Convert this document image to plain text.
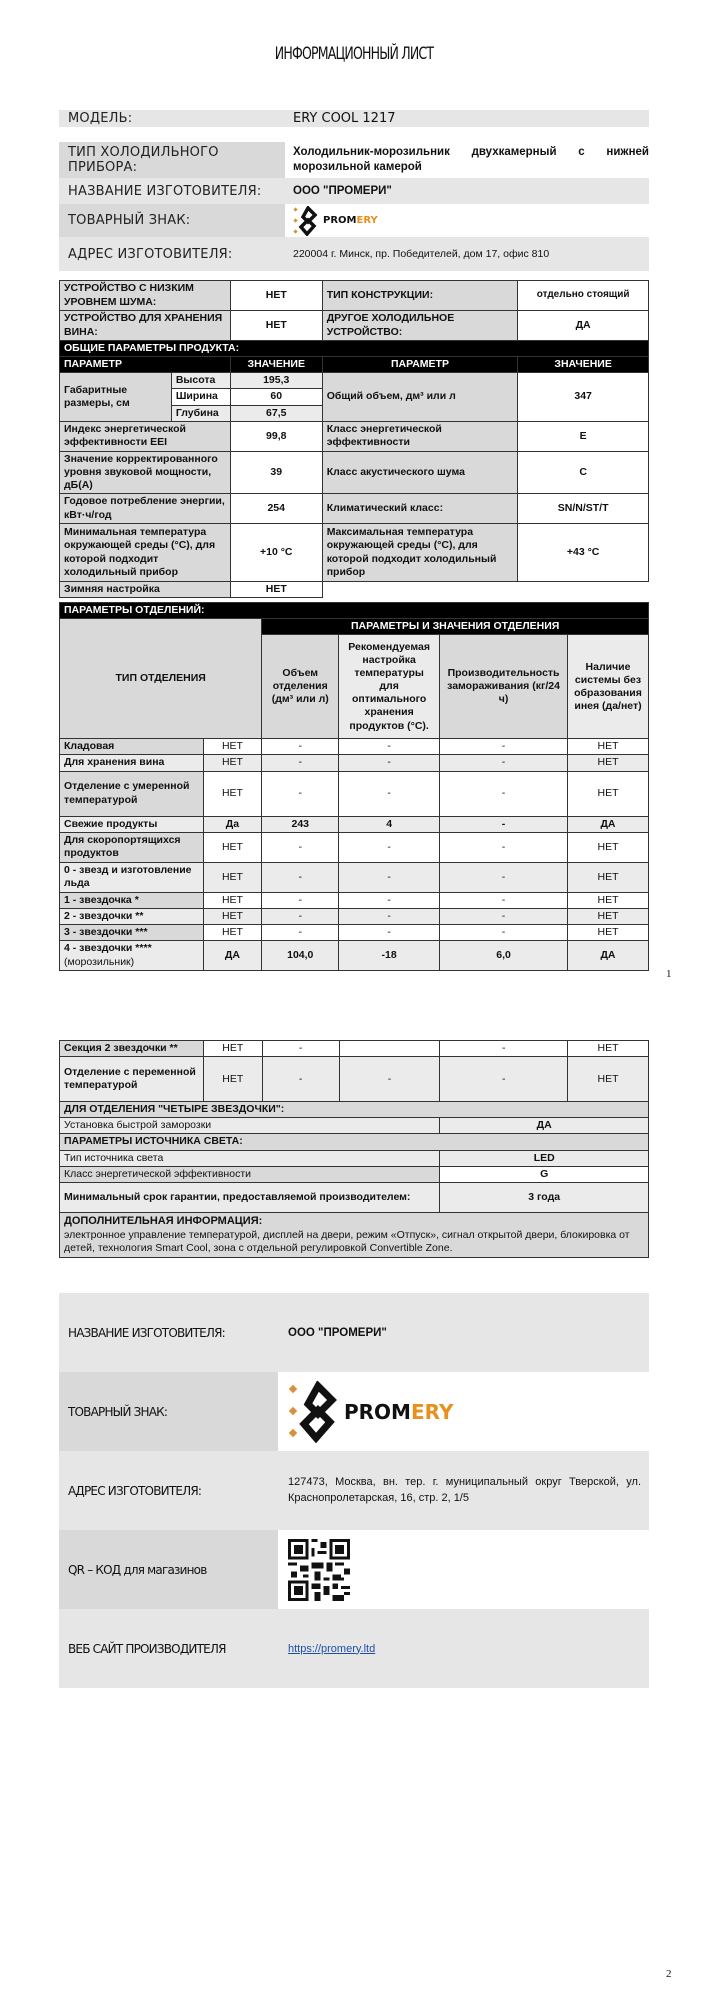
ИНФОРМАЦИОННЫЙ ЛИСТ
МОДЕЛЬ:	ERY COOL 1217
ТИП ХОЛОДИЛЬНОГО ПРИБОРА:
Холодильник-морозильник двухкамерный с нижней морозильной камерой
НАЗВАНИЕ ИЗГОТОВИТЕЛЯ:	ООО "ПРОМЕРИ"
ТОВАРНЫЙ ЗНАК:	PROMERY
АДРЕС ИЗГОТОВИТЕЛЯ:	220004 г. Минск, пр. Победителей, дом 17, офис 810
УСТРОЙСТВО С НИЗКИМ УРОВНЕМ ШУМА:		НЕТ	ТИП КОНСТРУКЦИИ:	отдельно стоящий
УСТРОЙСТВО ДЛЯ ХРАНЕНИЯ ВИНА:		НЕТ	ДРУГОЕ ХОЛОДИЛЬНОЕ УСТРОЙСТВО:	ДА
ОБЩИЕ ПАРАМЕТРЫ ПРОДУКТА:				
ПАРАМЕТР		ЗНАЧЕНИЕ	ПАРАМЕТР	ЗНАЧЕНИЕ
Габаритные размеры, см	Высота	195,3	Общий объем, дм³ или л	347
	Ширина	60		
	Глубина	67,5		
Индекс энергетической эффективности EEI		99,8	Класс энергетической эффективности	E
Значение корректированного уровня звуковой мощности, дБ(А)		39	Класс акустического шума	C
Годовое потребление энергии, кВт·ч/год		254	Климатический класс:	SN/N/ST/T
Минимальная температура окружающей среды (°C), для которой подходит холодильный прибор		+10 °C	Максимальная температура окружающей среды (°C), для которой подходит холодильный прибор	+43 °C
Зимняя настройка		НЕТ		
ПАРАМЕТРЫ ОТДЕЛЕНИЙ:					
ТИП ОТДЕЛЕНИЯ		ПАРАМЕТРЫ И ЗНАЧЕНИЯ ОТДЕЛЕНИЯ			
		Объем отделения (дм³ или л)	Рекомендуемая настройка температуры для оптимального хранения продуктов (°C).	Производительность замораживания (кг/24 ч)	Наличие системы без образования инея (да/нет)
Кладовая	НЕТ	-	-	-	НЕТ
Для хранения вина	НЕТ	-	-	-	НЕТ
Отделение с умеренной температурой	НЕТ	-	-	-	НЕТ
Свежие продукты	Да	243	4	-	ДА
Для скоропортящихся продуктов	НЕТ	-	-	-	НЕТ
0 - звезд и изготовление льда	НЕТ	-	-	-	НЕТ
1 - звездочка *	НЕТ	-	-	-	НЕТ
2 - звездочки **	НЕТ	-	-	-	НЕТ
3 - звездочки ***	НЕТ	-	-	-	НЕТ
4 - звездочки ****
(морозильник)	ДА	104,0	-18	6,0	ДА
1
Секция 2 звездочки **	НЕТ	-		-	НЕТ
Отделение с переменной температурой	НЕТ	-	-	-	НЕТ
ДЛЯ ОТДЕЛЕНИЯ "ЧЕТЫРЕ ЗВЕЗДОЧКИ":					
Установка быстрой заморозки				ДА	
ПАРАМЕТРЫ ИСТОЧНИКА СВЕТА:					
Тип источника света				LED	
Класс энергетической эффективности				G	
Минимальный срок гарантии, предоставляемой производителем:				3 года	

ДОПОЛНИТЕЛЬНАЯ ИНФОРМАЦИЯ:
электронное управление температурой, дисплей на двери, режим «Отпуск», сигнал открытой двери, блокировка от детей, технология Smart Cool, зона с отдельной регулировкой Convertible Zone.					
НАЗВАНИЕ ИЗГОТОВИТЕЛЯ:	ООО "ПРОМЕРИ"
ТОВАРНЫЙ ЗНАК:	PROMERY
АДРЕС ИЗГОТОВИТЕЛЯ:
127473, Москва, вн. тер. г. муниципальный округ Тверской, ул. Краснопролетарская, 16, стр. 2, 1/5
QR – КОД для магазинов
ВЕБ САЙТ ПРОИЗВОДИТЕЛЯ	https://promery.ltd
2
